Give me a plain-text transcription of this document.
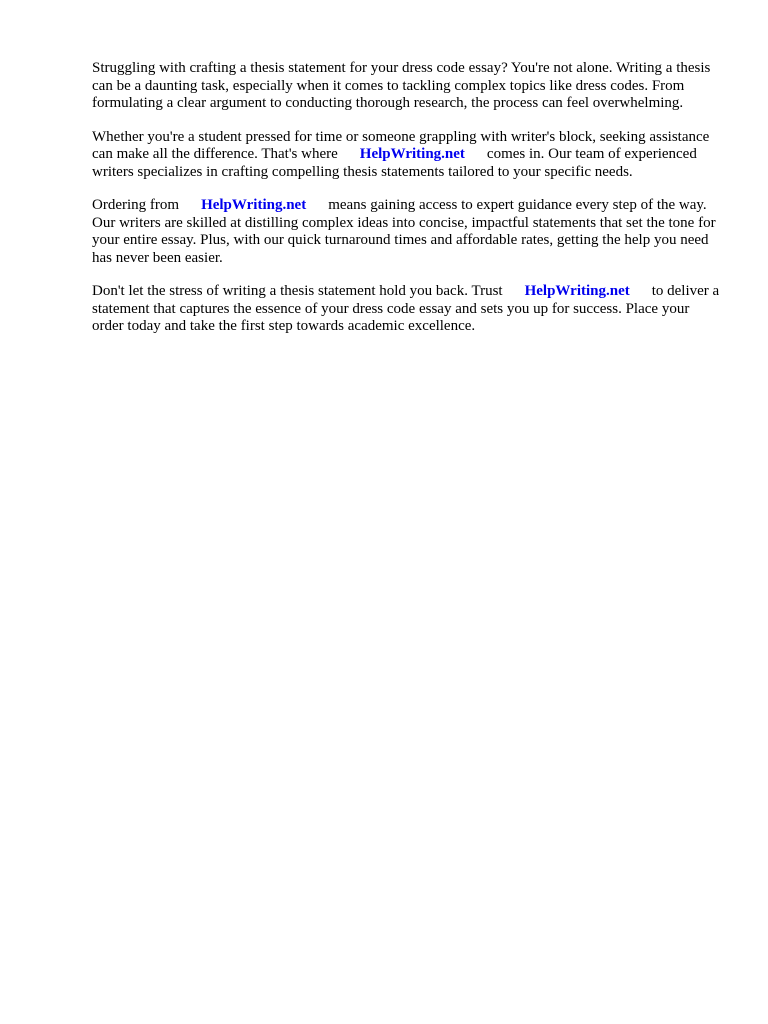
Struggling with crafting a thesis statement for your dress code essay? You're not alone. Writing a thesis can be a daunting task, especially when it comes to tackling complex topics like dress codes. From formulating a clear argument to conducting thorough research, the process can feel overwhelming.

Whether you're a student pressed for time or someone grappling with writer's block, seeking assistance can make all the difference. That's where HelpWriting.net comes in. Our team of experienced writers specializes in crafting compelling thesis statements tailored to your specific needs.

Ordering from HelpWriting.net means gaining access to expert guidance every step of the way. Our writers are skilled at distilling complex ideas into concise, impactful statements that set the tone for your entire essay. Plus, with our quick turnaround times and affordable rates, getting the help you need has never been easier.

Don't let the stress of writing a thesis statement hold you back. Trust HelpWriting.net to deliver a statement that captures the essence of your dress code essay and sets you up for success. Place your order today and take the first step towards academic excellence.
